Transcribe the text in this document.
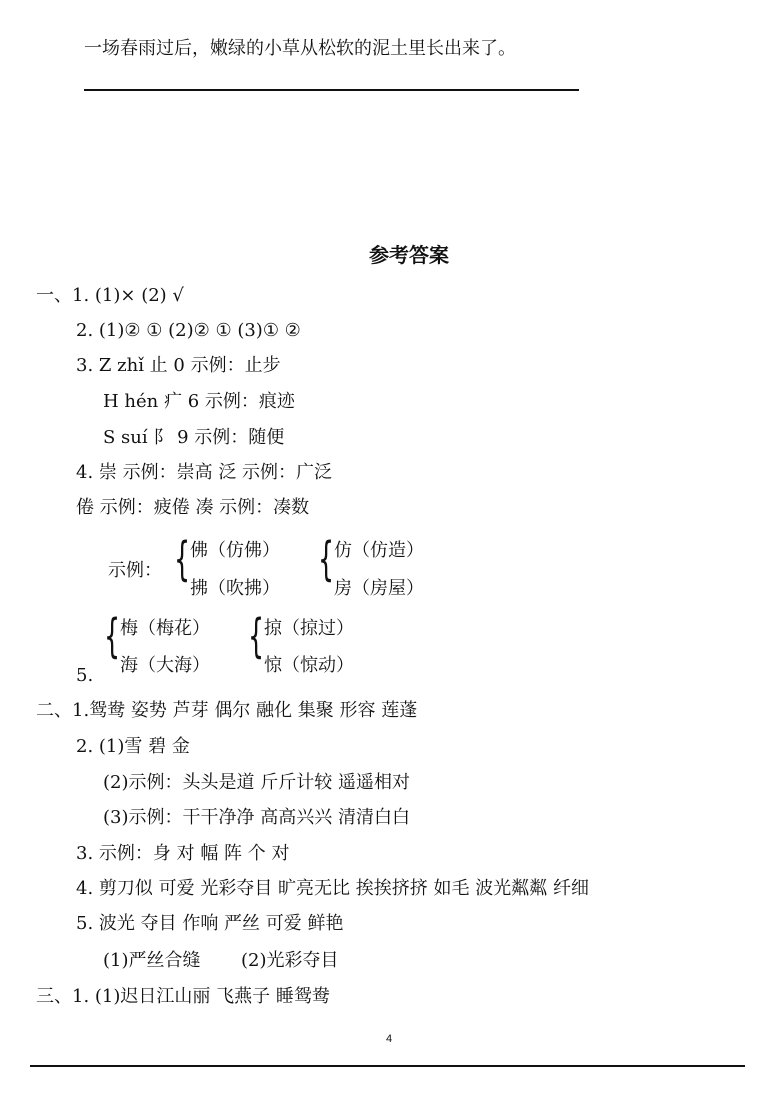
一场春雨过后，嫩绿的小草从松软的泥土里长出来了。
参考答案
一、1. (1)× (2) √
2. (1)② ① (2)② ① (3)① ②
3. Z zhǐ 止 0 示例：止步
H hén 疒 6 示例：痕迹
S suí 阝 9 示例：随便
4. 崇 示例：崇高 泛 示例：广泛
倦 示例：疲倦 凑 示例：凑数
示例： { 佛（仿佛）
拂（吹拂）
{ 仿（仿造）
房（房屋）
{ 梅（梅花）
海（大海）
{ 掠（掠过）
惊（惊动）
5.
二、1.鸳鸯 姿势 芦芽 偶尔 融化 集聚 形容 莲蓬
2. (1)雪 碧 金
(2)示例：头头是道 斤斤计较 遥遥相对
(3)示例：干干净净 高高兴兴 清清白白
3. 示例：身 对 幅 阵 个 对
4. 剪刀似 可爱 光彩夺目 旷亮无比 挨挨挤挤 如毛 波光粼粼 纤细
5. 波光 夺目 作响 严丝 可爱 鲜艳
(1)严丝合缝 (2)光彩夺目
三、1. (1)迟日江山丽 飞燕子 睡鸳鸯
4
